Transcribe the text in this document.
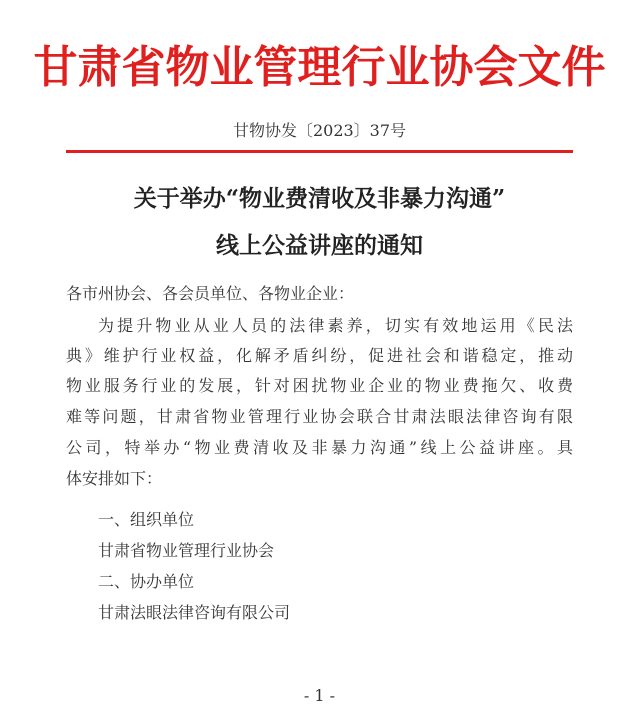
甘肃省物业管理行业协会文件
甘物协发〔2023〕37号
关于举办“物业费清收及非暴力沟通”
线上公益讲座的通知
各市州协会、各会员单位、各物业企业：
为提升物业从业人员的法律素养，切实有效地运用《民法
典》维护行业权益，化解矛盾纠纷，促进社会和谐稳定，推动
物业服务行业的发展，针对困扰物业企业的物业费拖欠、收费
难等问题，甘肃省物业管理行业协会联合甘肃法眼法律咨询有限
公司，特举办“物业费清收及非暴力沟通”线上公益讲座。具
体安排如下：
一、组织单位
甘肃省物业管理行业协会
二、协办单位
甘肃法眼法律咨询有限公司
- 1 -
